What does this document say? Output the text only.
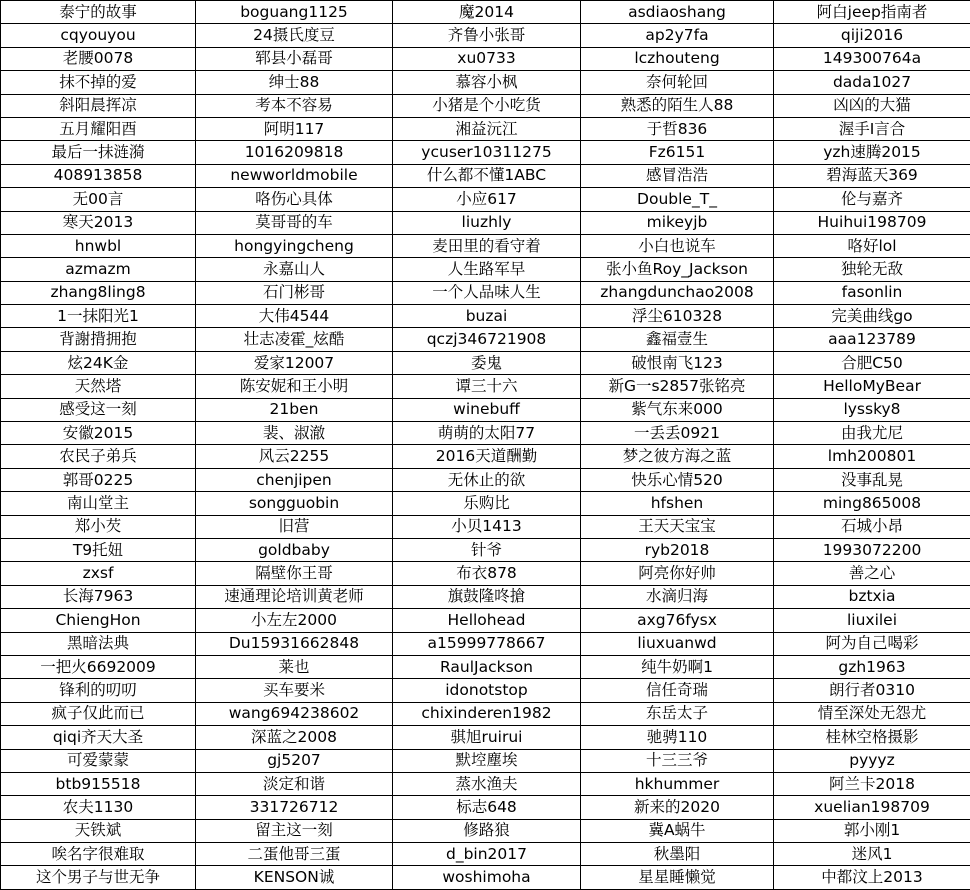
泰宁的故事	boguang1125	魔2014	asdiaoshang	阿白jeep指南者
cqyouyou	24摄氏度豆	齐鲁小张哥	ap2y7fa	qiji2016
老腰0078	郓县小磊哥	xu0733	lczhouteng	149300764a
抹不掉的爱	绅士88	慕容小枫	奈何轮回	dada1027
斜阳晨挥凉	考本不容易	小猪是个小吃货	熟悉的陌生人88	凶凶的大猫
五月耀阳酉	阿明117	湘益沅江	于哲836	渥手I言合
最后一抹涟漪	1016209818	ycuser10311275	Fz6151	yzh速腾2015
408913858	newworldmobile	什么都不懂1ABC	感冒浩浩	碧海蓝天369
无00言	咯伤心具体	小应617	Double_T_	伦与嘉齐
寒天2013	莫哥哥的车	liuzhly	mikeyjb	Huihui198709
hnwbl	hongyingcheng	麦田里的看守着	小白也说车	咯好lol
azmazm	永嘉山人	人生路军早	张小鱼Roy_Jackson	独轮无敌
zhang8ling8	石门彬哥	一个人品味人生	zhangdunchao2008	fasonlin
1一抹阳光1	大伟4544	buzai	浮尘610328	完美曲线go
背謝揹拥抱	壮志凌霍_炫酷	qczj346721908	鑫福壹生	aaa123789
炫24K金	爱家12007	委鬼	破恨南飞123	合肥C50
天然塔	陈安妮和王小明	谭三十六	新G一s2857张铭亮	HelloMyBear
感受这一刻	21ben	winebuff	紫气东来000	lyssky8
安徽2015	裴、淑澈	萌萌的太阳77	一丢丢0921	由我尤尼
农民子弟兵	风云2255	2016天道酬勤	梦之彼方海之蓝	lmh200801
郭哥0225	chenjipen	无休止的欲	快乐心情520	没事乱晃
南山堂主	songguobin	乐购比	hfshen	ming865008
郑小芡	旧营	小贝1413	王天天宝宝	石城小昂
T9托妞	goldbaby	针爷	ryb2018	1993072200
zxsf	隔壁你王哥	布衣878	阿亮你好帅	善之心
长海7963	速通理论培训黄老师	旗鼓隆咚搶	水滴归海	bztxia
ChiengHon	小左左2000	Hellohead	axg76fysx	liuxilei
黑暗法典	Du15931662848	a15999778667	liuxuanwd	阿为自己喝彩
一把火6692009	莱也	RaulJackson	纯牛奶啊1	gzh1963
锋利的叨叨	买车要米	idonotstop	信任奇瑞	朗行者0310
疯子仅此而已	wang694238602	chixinderen1982	东岳太子	情至深处无怨尤
qiqi齐天大圣	深蓝之2008	骐旭ruirui	驰骋110	桂林空格摄影
可爱蒙蒙	gj5207	默埪塵埃	十三三爷	pyyyz
btb915518	淡定和谐	蒸水渔夫	hkhummer	阿兰卡2018
农夫1130	331726712	标志648	新来的2020	xuelian198709
天铁斌	留主这一刻	修路狼	冀A蜗牛	郭小刚1
唉名字很难取	二蛋他哥三蛋	d_bin2017	秋墨阳	迷风1
这个男子与世无争	KENSON诚	woshimoha	星星睡懒觉	中都汶上2013
